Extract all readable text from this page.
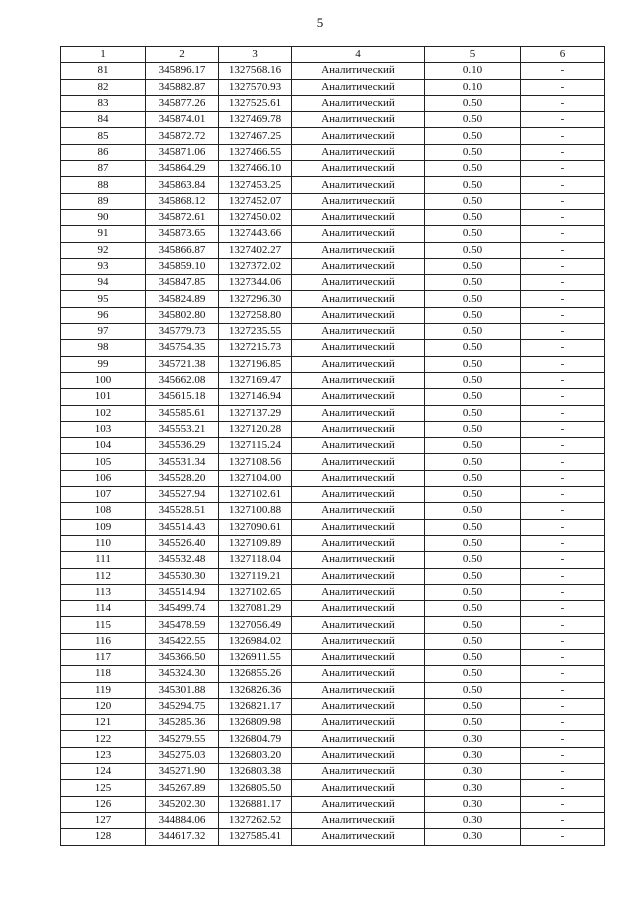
5
1	2	3	4	5	6
81	345896.17	1327568.16	Аналитический	0.10	-
82	345882.87	1327570.93	Аналитический	0.10	-
83	345877.26	1327525.61	Аналитический	0.50	-
84	345874.01	1327469.78	Аналитический	0.50	-
85	345872.72	1327467.25	Аналитический	0.50	-
86	345871.06	1327466.55	Аналитический	0.50	-
87	345864.29	1327466.10	Аналитический	0.50	-
88	345863.84	1327453.25	Аналитический	0.50	-
89	345868.12	1327452.07	Аналитический	0.50	-
90	345872.61	1327450.02	Аналитический	0.50	-
91	345873.65	1327443.66	Аналитический	0.50	-
92	345866.87	1327402.27	Аналитический	0.50	-
93	345859.10	1327372.02	Аналитический	0.50	-
94	345847.85	1327344.06	Аналитический	0.50	-
95	345824.89	1327296.30	Аналитический	0.50	-
96	345802.80	1327258.80	Аналитический	0.50	-
97	345779.73	1327235.55	Аналитический	0.50	-
98	345754.35	1327215.73	Аналитический	0.50	-
99	345721.38	1327196.85	Аналитический	0.50	-
100	345662.08	1327169.47	Аналитический	0.50	-
101	345615.18	1327146.94	Аналитический	0.50	-
102	345585.61	1327137.29	Аналитический	0.50	-
103	345553.21	1327120.28	Аналитический	0.50	-
104	345536.29	1327115.24	Аналитический	0.50	-
105	345531.34	1327108.56	Аналитический	0.50	-
106	345528.20	1327104.00	Аналитический	0.50	-
107	345527.94	1327102.61	Аналитический	0.50	-
108	345528.51	1327100.88	Аналитический	0.50	-
109	345514.43	1327090.61	Аналитический	0.50	-
110	345526.40	1327109.89	Аналитический	0.50	-
111	345532.48	1327118.04	Аналитический	0.50	-
112	345530.30	1327119.21	Аналитический	0.50	-
113	345514.94	1327102.65	Аналитический	0.50	-
114	345499.74	1327081.29	Аналитический	0.50	-
115	345478.59	1327056.49	Аналитический	0.50	-
116	345422.55	1326984.02	Аналитический	0.50	-
117	345366.50	1326911.55	Аналитический	0.50	-
118	345324.30	1326855.26	Аналитический	0.50	-
119	345301.88	1326826.36	Аналитический	0.50	-
120	345294.75	1326821.17	Аналитический	0.50	-
121	345285.36	1326809.98	Аналитический	0.50	-
122	345279.55	1326804.79	Аналитический	0.30	-
123	345275.03	1326803.20	Аналитический	0.30	-
124	345271.90	1326803.38	Аналитический	0.30	-
125	345267.89	1326805.50	Аналитический	0.30	-
126	345202.30	1326881.17	Аналитический	0.30	-
127	344884.06	1327262.52	Аналитический	0.30	-
128	344617.32	1327585.41	Аналитический	0.30	-
